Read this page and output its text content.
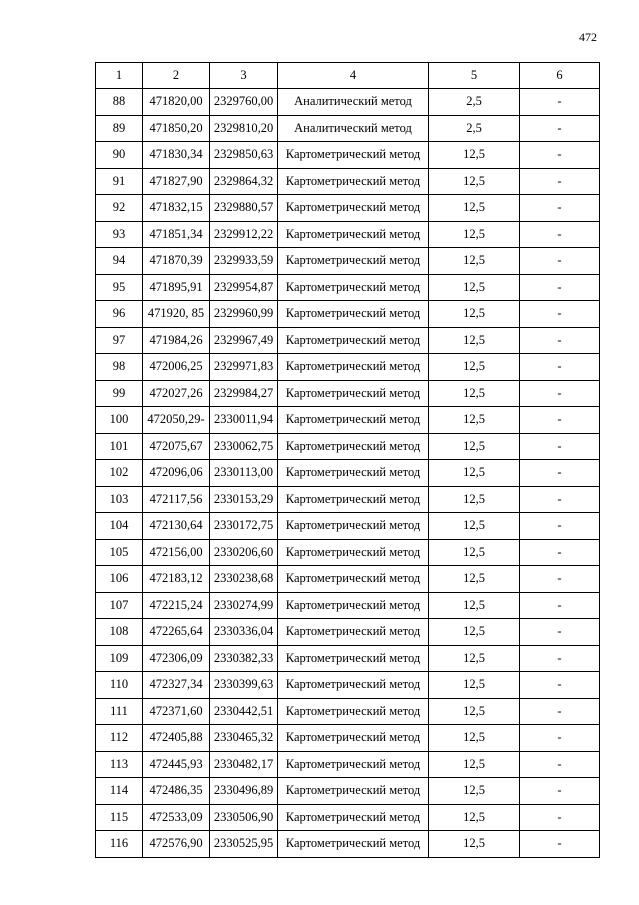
472
1	2	3	4	5	6
88	471820,00	2329760,00	Аналитический метод	2,5	-
89	471850,20	2329810,20	Аналитический метод	2,5	-
90	471830,34	2329850,63	Картометрический метод	12,5	-
91	471827,90	2329864,32	Картометрический метод	12,5	-
92	471832,15	2329880,57	Картометрический метод	12,5	-
93	471851,34	2329912,22	Картометрический метод	12,5	-
94	471870,39	2329933,59	Картометрический метод	12,5	-
95	471895,91	2329954,87	Картометрический метод	12,5	-
96	471920, 85	2329960,99	Картометрический метод	12,5	-
97	471984,26	2329967,49	Картометрический метод	12,5	-
98	472006,25	2329971,83	Картометрический метод	12,5	-
99	472027,26	2329984,27	Картометрический метод	12,5	-
100	472050,29-	2330011,94	Картометрический метод	12,5	-
101	472075,67	2330062,75	Картометрический метод	12,5	-
102	472096,06	2330113,00	Картометрический метод	12,5	-
103	472117,56	2330153,29	Картометрический метод	12,5	-
104	472130,64	2330172,75	Картометрический метод	12,5	-
105	472156,00	2330206,60	Картометрический метод	12,5	-
106	472183,12	2330238,68	Картометрический метод	12,5	-
107	472215,24	2330274,99	Картометрический метод	12,5	-
108	472265,64	2330336,04	Картометрический метод	12,5	-
109	472306,09	2330382,33	Картометрический метод	12,5	-
110	472327,34	2330399,63	Картометрический метод	12,5	-
111	472371,60	2330442,51	Картометрический метод	12,5	-
112	472405,88	2330465,32	Картометрический метод	12,5	-
113	472445,93	2330482,17	Картометрический метод	12,5	-
114	472486,35	2330496,89	Картометрический метод	12,5	-
115	472533,09	2330506,90	Картометрический метод	12,5	-
116	472576,90	2330525,95	Картометрический метод	12,5	-
